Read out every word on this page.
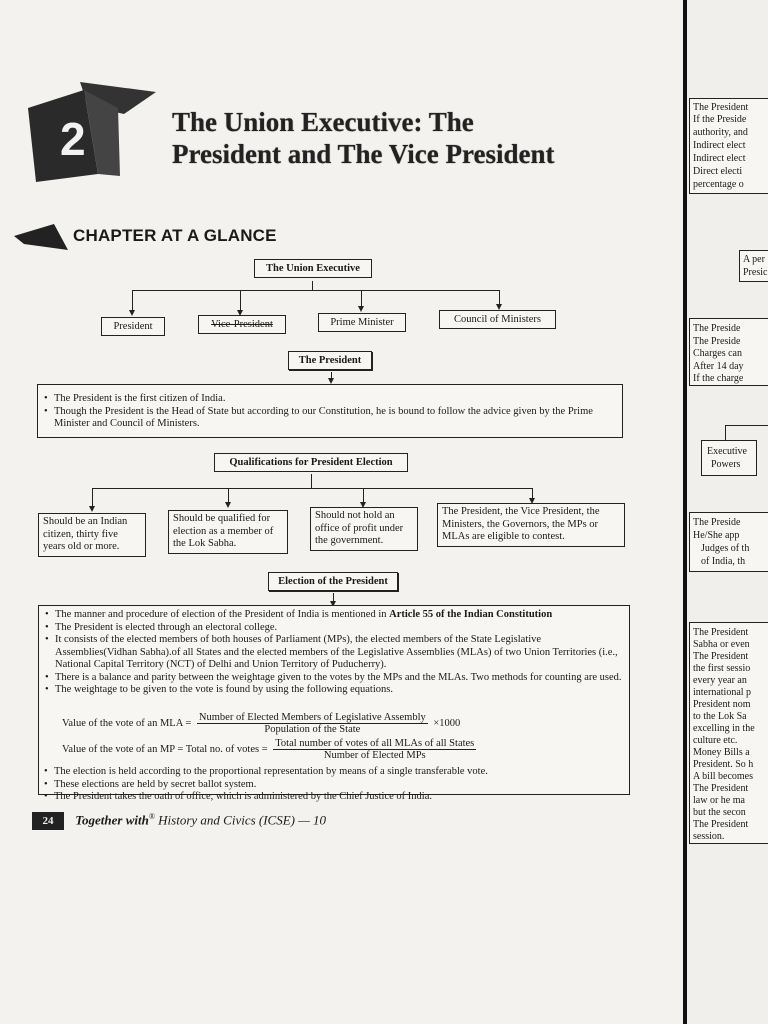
2	The Union Executive: The
President and The Vice President
CHAPTER AT A GLANCE
The Union Executive
President	Vice-President	Prime Minister	Council of Ministers
The President
• The President is the first citizen of India.
• Though the President is the Head of State but according to our Constitution, he is bound to follow the advice given by the Prime Minister and Council of Ministers.
Qualifications for President Election
Should be an Indian citizen, thirty five years old or more.
Should be qualified for election as a member of the Lok Sabha.
Should not hold an office of profit under the government.
The President, the Vice President, the Ministers, the Governors, the MPs or MLAs are eligible to contest.
Election of the President
• The manner and procedure of election of the President of India is mentioned in Article 55 of the Indian Constitution
• The President is elected through an electoral college.
• It consists of the elected members of both houses of Parliament (MPs), the elected members of the State Legislative Assemblies(Vidhan Sabha).of all States and the elected members of the Legislative Assemblies (MLAs) of two Union Territories (i.e., National Capital Territory (NCT) of Delhi and Union Territory of Puducherry).
• There is a balance and parity between the weightage given to the votes by the MPs and the MLAs. Two methods for counting are used.
• The weightage to be given to the vote is found by using the following equations.
Value of the vote of an MLA = $\frac{\text{Number of Elected Members of Legislative Assembly}}{\text{Population of the State}} \times 1000$
Value of the vote of an MP = Total no. of votes = $\frac{\text{Total number of votes of all MLAs of all States}}{\text{Number of Elected MPs}}$
• The election is held according to the proportional representation by means of a single transferable vote.
• These elections are held by secret ballot system.
• The President takes the oath of office, which is administered by the Chief Justice of India.
24 Together with® History and Civics (ICSE) — 10
The President
If the Preside
authority, and
Indirect elect
Indirect elect
Direct electi
percentage o
A per
Presic
The Preside
The Preside
Charges can
After 14 day
If the charge
Executive
Powers
The Preside
He/She app
Judges of th
of India, th
The President
Sabha or even
The President
the first sessio
every year an
international p
President nom
to the Lok Sa
excelling in the
culture etc.
Money Bills a
President. So h
A bill becomes
The President
law or he ma
but the secon
The President
session.
